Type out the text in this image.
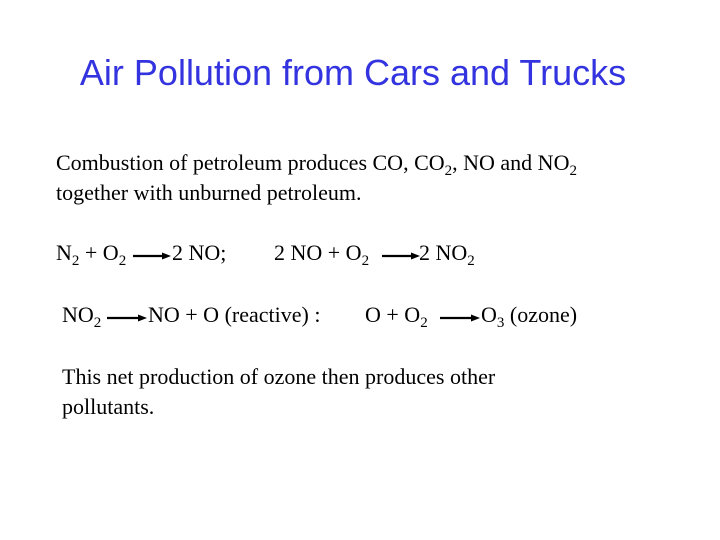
Air Pollution from Cars and Trucks
Combustion of petroleum produces CO, $CO_2$, NO and $NO_2$
together with unburned petroleum.
$N_2 + O_2 \to 2$ NO; 2 NO + $O_2 \to 2$ $NO_2$
$NO_2$ → NO + O (reactive) : $O + O_2 \to O_3$ (ozone)
This net production of ozone then produces other
pollutants.
